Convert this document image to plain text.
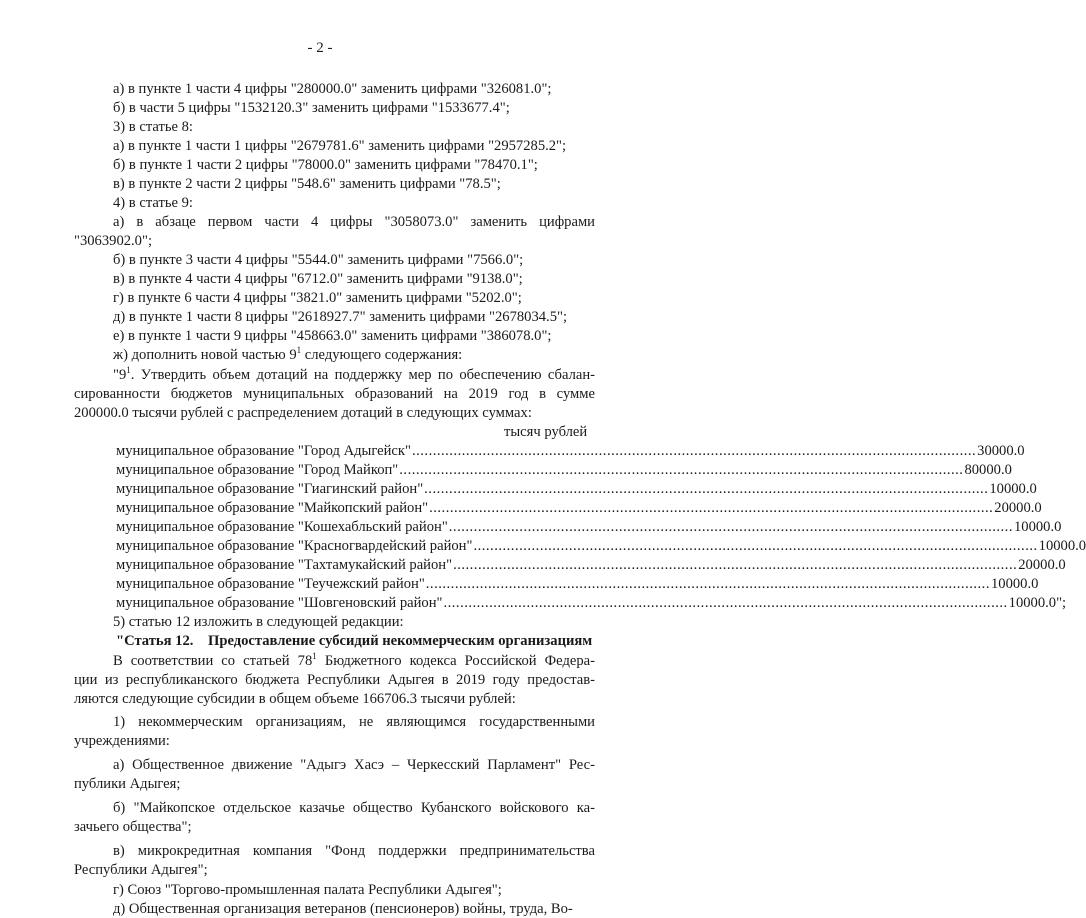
- 2 -
а) в пункте 1 части 4 цифры "280000.0" заменить цифрами "326081.0";
б) в части 5 цифры "1532120.3" заменить цифрами "1533677.4";
3) в статье 8:
а) в пункте 1 части 1 цифры "2679781.6" заменить цифрами "2957285.2";
б) в пункте 1 части 2 цифры "78000.0" заменить цифрами "78470.1";
в) в пункте 2 части 2 цифры "548.6" заменить цифрами "78.5";
4) в статье 9:
а) в абзаце первом части 4 цифры "3058073.0" заменить цифрами
"3063902.0";
б) в пункте 3 части 4 цифры "5544.0" заменить цифрами "7566.0";
в) в пункте 4 части 4 цифры "6712.0" заменить цифрами "9138.0";
г) в пункте 6 части 4 цифры "3821.0" заменить цифрами "5202.0";
д) в пункте 1 части 8 цифры "2618927.7" заменить цифрами "2678034.5";
е) в пункте 1 части 9 цифры "458663.0" заменить цифрами "386078.0";
ж) дополнить новой частью $9^1$ следующего содержания:
"$9^1$. Утвердить объем дотаций на поддержку мер по обеспечению сбалан-
сированности бюджетов муниципальных образований на 2019 год в сумме
200000.0 тысячи рублей с распределением дотаций в следующих суммах:
тысяч рублей
муниципальное образование "Город Адыгейск" .....	30000.0
муниципальное образование "Город Майкоп" .....	80000.0
муниципальное образование "Гиагинский район" .....	10000.0
муниципальное образование "Майкопский район" .....	20000.0
муниципальное образование "Кошехабльский район" .....	10000.0
муниципальное образование "Красногвардейский район" .....	10000.0
муниципальное образование "Тахтамукайский район" .....	20000.0
муниципальное образование "Теучежский район" .....	10000.0
муниципальное образование "Шовгеновский район" .....	10000.0";
5) статью 12 изложить в следующей редакции:
"Статья 12.    Предоставление субсидий некоммерческим организациям
В соответствии со статьей $78^1$ Бюджетного кодекса Российской Федера-
ции из республиканского бюджета Республики Адыгея в 2019 году предостав-
ляются следующие субсидии в общем объеме 166706.3 тысячи рублей:
1) некоммерческим организациям, не являющимся государственными
учреждениями:
а) Общественное движение "Адыгэ Хасэ – Черкесский Парламент" Рес-
публики Адыгея;
б) "Майкопское отдельское казачье общество Кубанского войскового ка-
зачьего общества";
в) микрокредитная компания "Фонд поддержки предпринимательства
Республики Адыгея";
г) Союз "Торгово-промышленная палата Республики Адыгея";
д) Общественная организация ветеранов (пенсионеров) войны, труда, Во-
